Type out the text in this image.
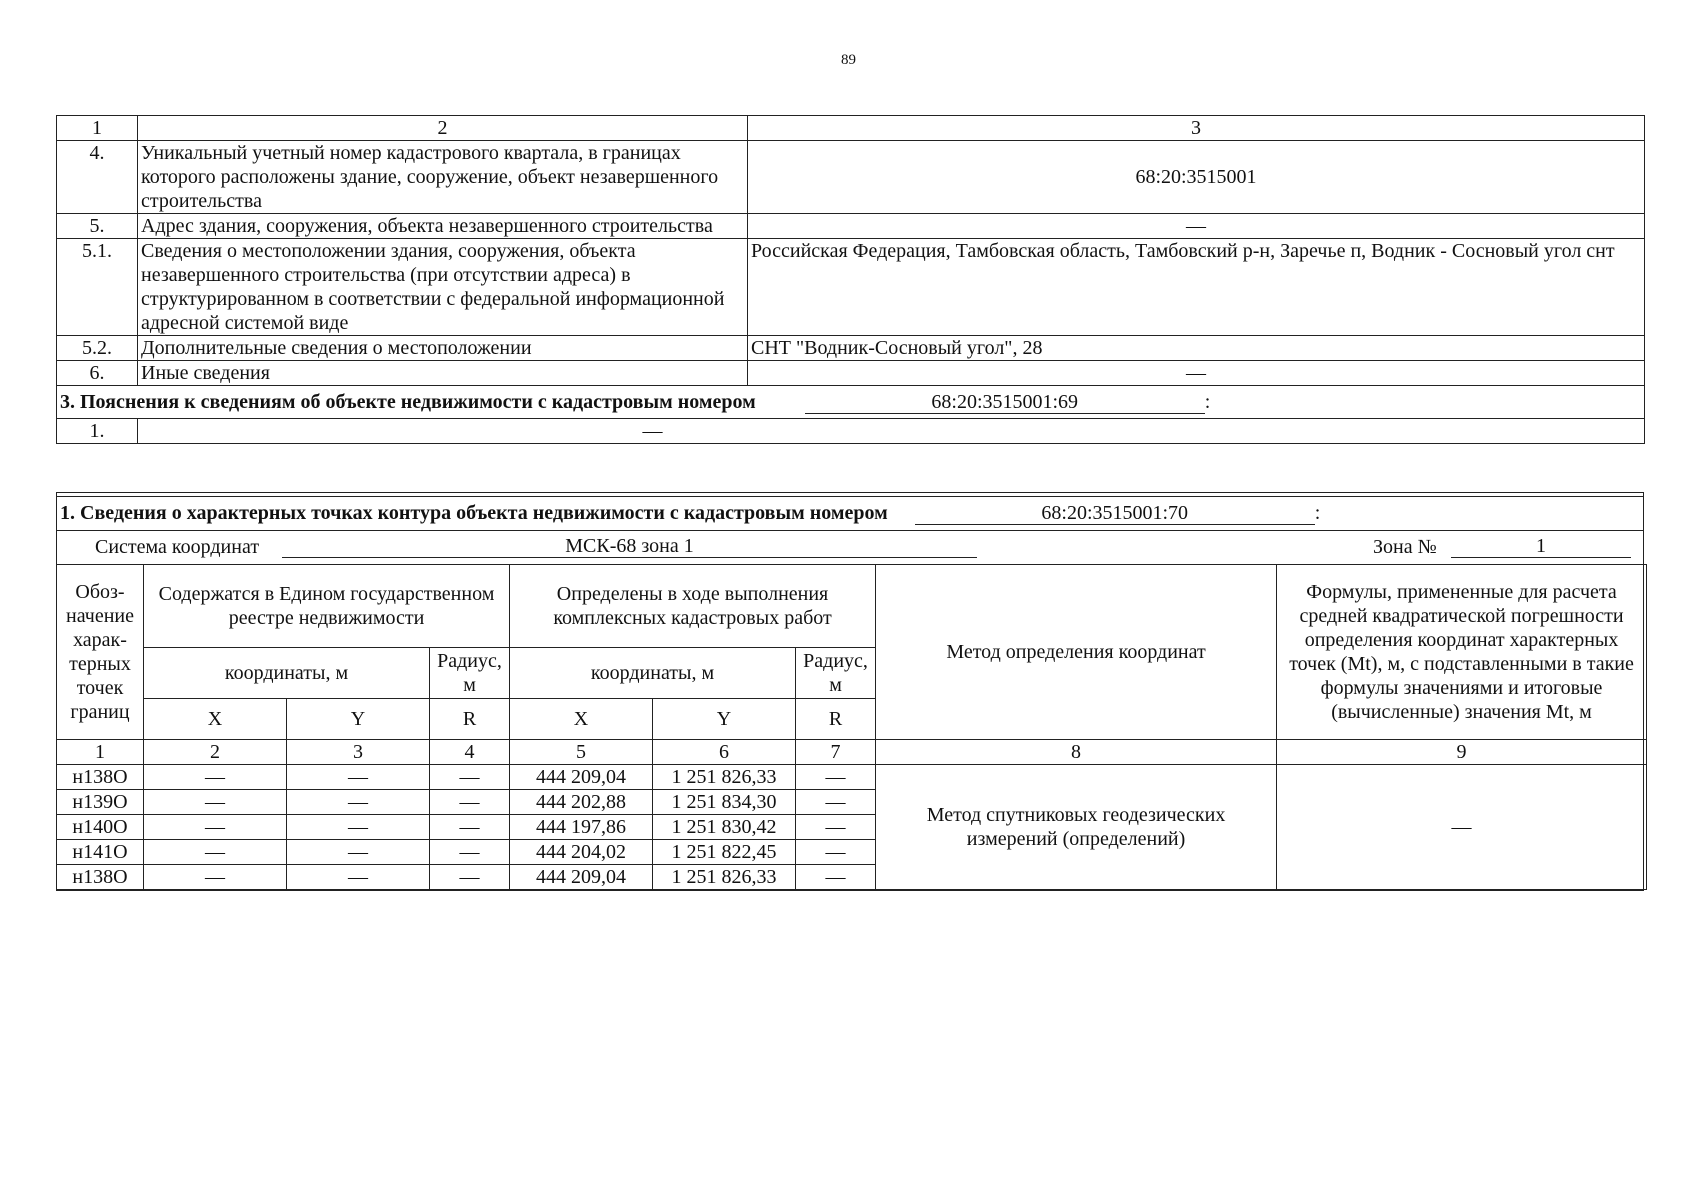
89
1	2	3
4.	Уникальный учетный номер кадастрового квартала, в границах которого расположены здание, сооружение, объект незавершенного строительства	68:20:3515001
5.	Адрес здания, сооружения, объекта незавершенного строительства	—
5.1.	Сведения о местоположении здания, сооружения, объекта незавершенного строительства (при отсутствии адреса) в структурированном в соответствии с федеральной информационной адресной системой виде	Российская Федерация, Тамбовская область, Тамбовский р-н, Заречье п, Водник - Сосновый угол снт
5.2.	Дополнительные сведения о местоположении	СНТ "Водник-Сосновый угол", 28
6.	Иные сведения	—
3. Пояснения к сведениям об объекте недвижимости с кадастровым номером 68:20:3515001:69 :		
1.	—	
1. Сведения о характерных точках контура объекта недвижимости с кадастровым номером	68:20:3515001:70	:
Система координат	МСК-68 зона 1	Зона №	1
Обоз-начение харак-терных точек границ	Содержатся в Едином государственном реестре недвижимости			Определены в ходе выполнения комплексных кадастровых работ			Метод определения координат	Формулы, примененные для расчета средней квадратической погрешности определения координат характерных точек (Mt), м, с подставленными в такие формулы значениями и итоговые (вычисленные) значения Mt, м
	координаты, м		Радиус, м	координаты, м		Радиус, м		
	X	Y	R	X	Y	R		
1	2	3	4	5	6	7	8	9
н138О	—	—	—	444 209,04	1 251 826,33	—	Метод спутниковых геодезических измерений (определений)	—
н139О	—	—	—	444 202,88	1 251 834,30	—		
н140О	—	—	—	444 197,86	1 251 830,42	—		
н141О	—	—	—	444 204,02	1 251 822,45	—		
н138О	—	—	—	444 209,04	1 251 826,33	—		
